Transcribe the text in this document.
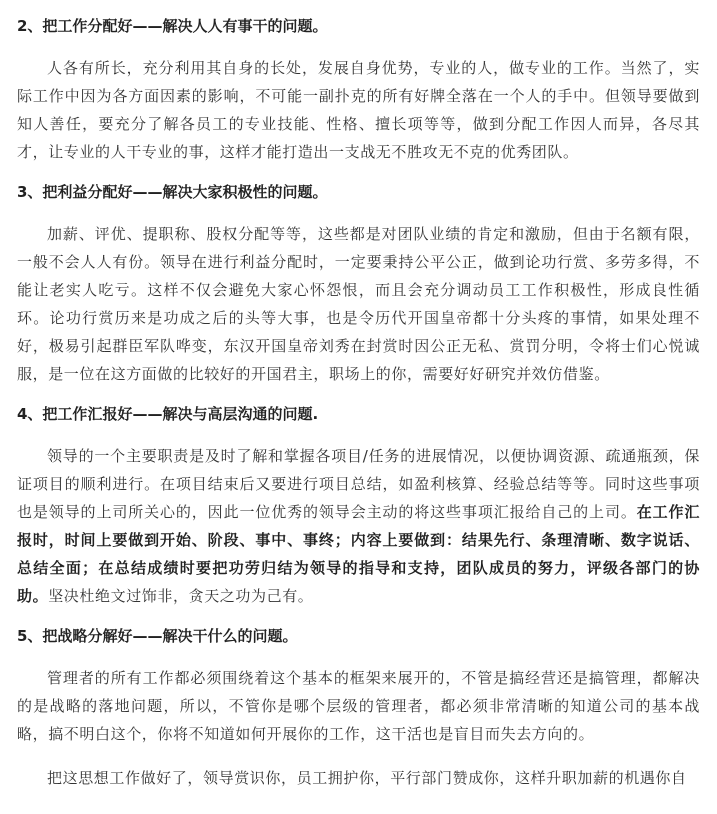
2、把工作分配好——解决人人有事干的问题。

人各有所长，充分利用其自身的长处，发展自身优势，专业的人，做专业的工作。当然了，实际工作中因为各方面因素的影响，不可能一副扑克的所有好牌全落在一个人的手中。但领导要做到知人善任，要充分了解各员工的专业技能、性格、擅长项等等，做到分配工作因人而异，各尽其才，让专业的人干专业的事，这样才能打造出一支战无不胜攻无不克的优秀团队。

3、把利益分配好——解决大家积极性的问题。

加薪、评优、提职称、股权分配等等，这些都是对团队业绩的肯定和激励，但由于名额有限，一般不会人人有份。领导在进行利益分配时，一定要秉持公平公正，做到论功行赏、多劳多得，不能让老实人吃亏。这样不仅会避免大家心怀怨恨，而且会充分调动员工工作积极性，形成良性循环。论功行赏历来是功成之后的头等大事，也是令历代开国皇帝都十分头疼的事情，如果处理不好，极易引起群臣军队哗变，东汉开国皇帝刘秀在封赏时因公正无私、赏罚分明，令将士们心悦诚服，是一位在这方面做的比较好的开国君主，职场上的你，需要好好研究并效仿借鉴。

4、把工作汇报好——解决与高层沟通的问题.

领导的一个主要职责是及时了解和掌握各项目/任务的进展情况，以便协调资源、疏通瓶颈，保证项目的顺利进行。在项目结束后又要进行项目总结，如盈利核算、经验总结等等。同时这些事项也是领导的上司所关心的，因此一位优秀的领导会主动的将这些事项汇报给自己的上司。在工作汇报时，时间上要做到开始、阶段、事中、事终；内容上要做到：结果先行、条理清晰、数字说话、总结全面；在总结成绩时要把功劳归结为领导的指导和支持，团队成员的努力，评级各部门的协助。坚决杜绝文过饰非，贪天之功为己有。

5、把战略分解好——解决干什么的问题。

管理者的所有工作都必须围绕着这个基本的框架来展开的，不管是搞经营还是搞管理，都解决的是战略的落地问题，所以，不管你是哪个层级的管理者，都必须非常清晰的知道公司的基本战略，搞不明白这个，你将不知道如何开展你的工作，这干活也是盲目而失去方向的。

把这思想工作做好了，领导赏识你，员工拥护你，平行部门赞成你，这样升职加薪的机遇你自
